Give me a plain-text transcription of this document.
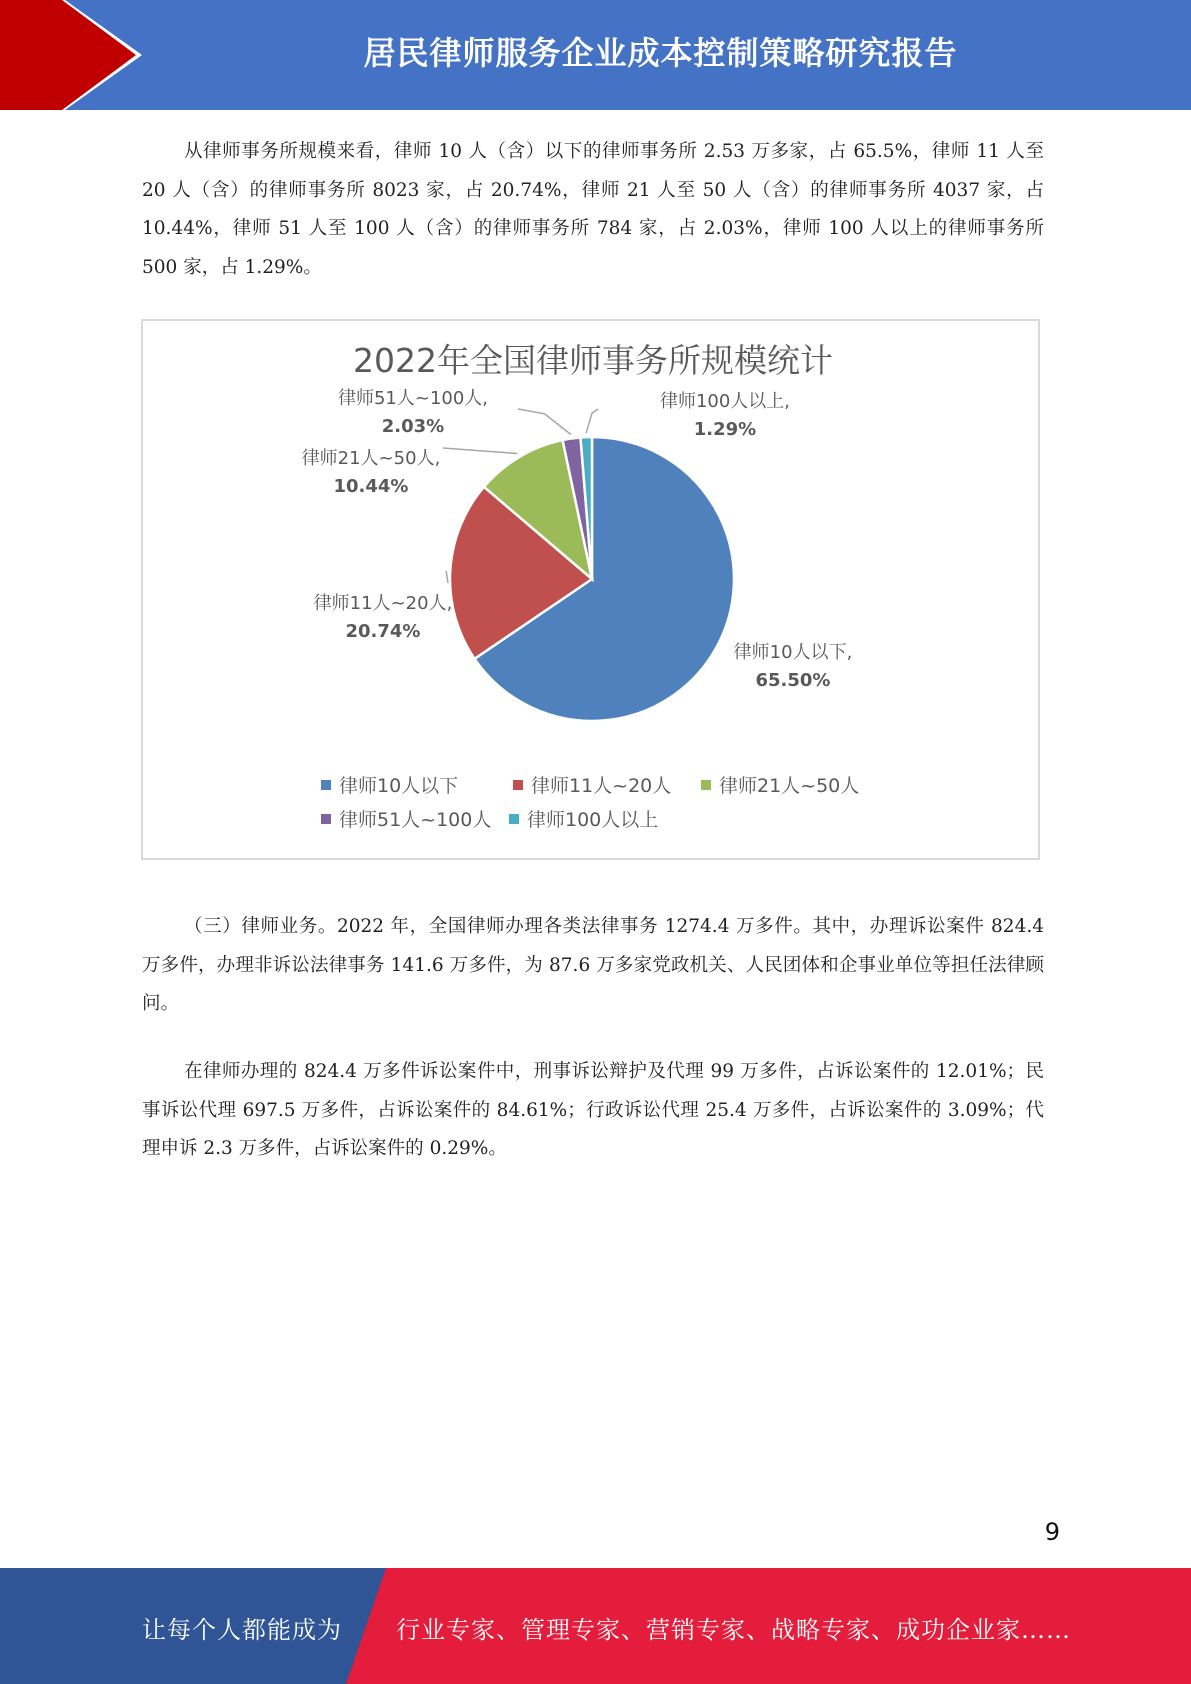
居民律师服务企业成本控制策略研究报告

从律师事务所规模来看，律师 10 人（含）以下的律师事务所 2.53 万多家，占 65.5%，律师 11 人至 20 人（含）的律师事务所 8023 家，占 20.74%，律师 21 人至 50 人（含）的律师事务所 4037 家，占 10.44%，律师 51 人至 100 人（含）的律师事务所 784 家，占 2.03%，律师 100 人以上的律师事务所 500 家，占 1.29%。

2022年全国律师事务所规模统计
律师10人以下,
65.50%
律师11人~20人,
20.74%
律师21人~50人,
10.44%
律师51人~100人,
2.03%
律师100人以上,
1.29%
律师10人以下	律师11人~20人	律师21人~50人
律师51人~100人 律师100人以上

（三）律师业务。2022 年，全国律师办理各类法律事务 1274.4 万多件。其中，办理诉讼案件 824.4 万多件，办理非诉讼法律事务 141.6 万多件，为 87.6 万多家党政机关、人民团体和企事业单位等担任法律顾问。

在律师办理的 824.4 万多件诉讼案件中，刑事诉讼辩护及代理 99 万多件，占诉讼案件的 12.01%；民事诉讼代理 697.5 万多件，占诉讼案件的 84.61%；行政诉讼代理 25.4 万多件，占诉讼案件的 3.09%；代理申诉 2.3 万多件，占诉讼案件的 0.29%。

9
让每个人都能成为 行业专家、管理专家、营销专家、战略专家、成功企业家……
